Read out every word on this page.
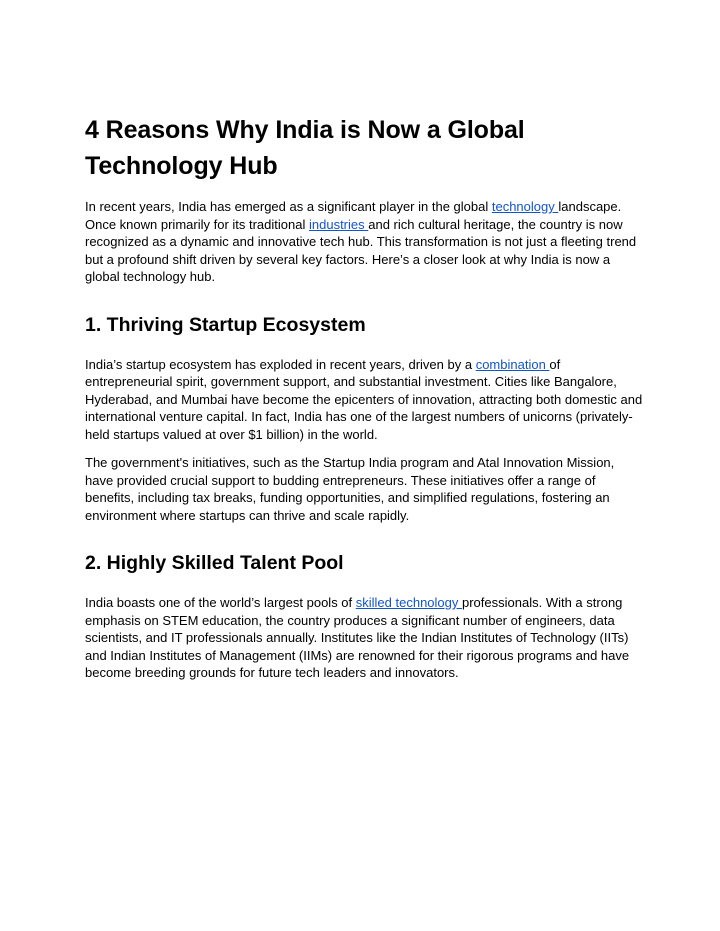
4 Reasons Why India is Now a Global Technology Hub

In recent years, India has emerged as a significant player in the global technology landscape. Once known primarily for its traditional industries and rich cultural heritage, the country is now recognized as a dynamic and innovative tech hub. This transformation is not just a fleeting trend but a profound shift driven by several key factors. Here’s a closer look at why India is now a global technology hub.

1. Thriving Startup Ecosystem

India’s startup ecosystem has exploded in recent years, driven by a combination of entrepreneurial spirit, government support, and substantial investment. Cities like Bangalore, Hyderabad, and Mumbai have become the epicenters of innovation, attracting both domestic and international venture capital. In fact, India has one of the largest numbers of unicorns (privately-held startups valued at over $1 billion) in the world.

The government's initiatives, such as the Startup India program and Atal Innovation Mission, have provided crucial support to budding entrepreneurs. These initiatives offer a range of benefits, including tax breaks, funding opportunities, and simplified regulations, fostering an environment where startups can thrive and scale rapidly.

2. Highly Skilled Talent Pool

India boasts one of the world’s largest pools of skilled technology professionals. With a strong emphasis on STEM education, the country produces a significant number of engineers, data scientists, and IT professionals annually. Institutes like the Indian Institutes of Technology (IITs) and Indian Institutes of Management (IIMs) are renowned for their rigorous programs and have become breeding grounds for future tech leaders and innovators.
